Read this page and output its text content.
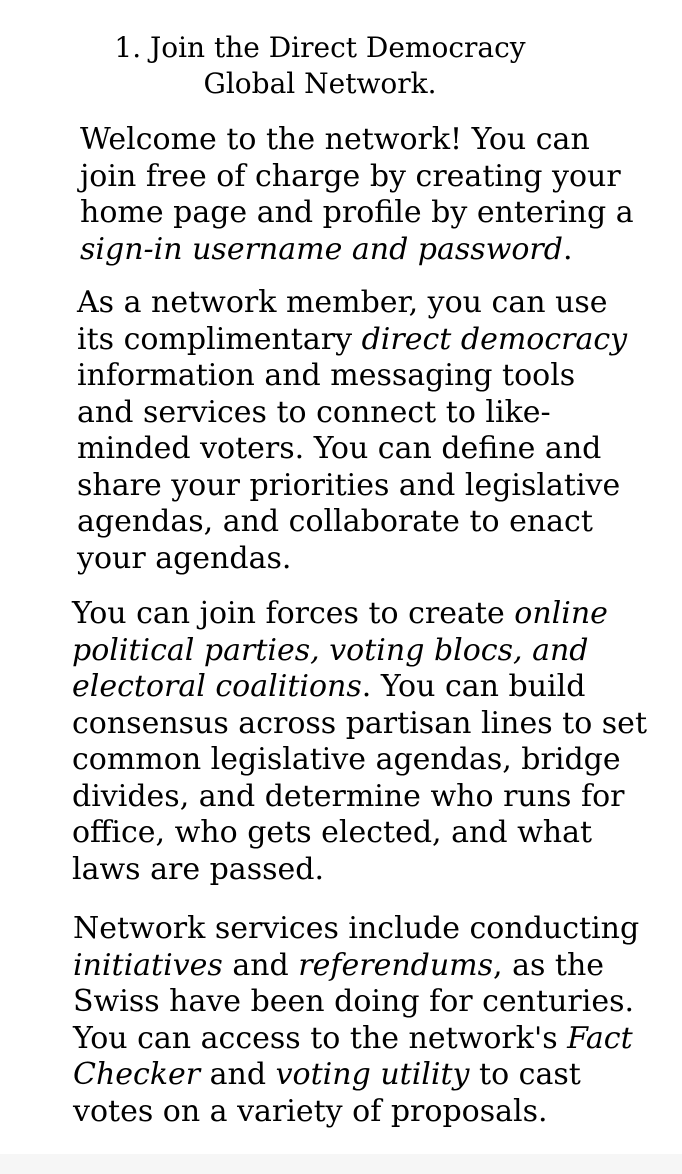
1. Join the Direct Democracy
Global Network.

Welcome to the network! You can
join free of charge by creating your
home page and profile by entering a
sign-in username and password.

As a network member, you can use
its complimentary direct democracy
information and messaging tools
and services to connect to like-
minded voters. You can define and
share your priorities and legislative
agendas, and collaborate to enact
your agendas.

You can join forces to create online
political parties, voting blocs, and
electoral coalitions. You can build
consensus across partisan lines to set
common legislative agendas, bridge
divides, and determine who runs for
office, who gets elected, and what
laws are passed.

Network services include conducting
initiatives and referendums, as the
Swiss have been doing for centuries.
You can access to the network's Fact
Checker and voting utility to cast
votes on a variety of proposals.
